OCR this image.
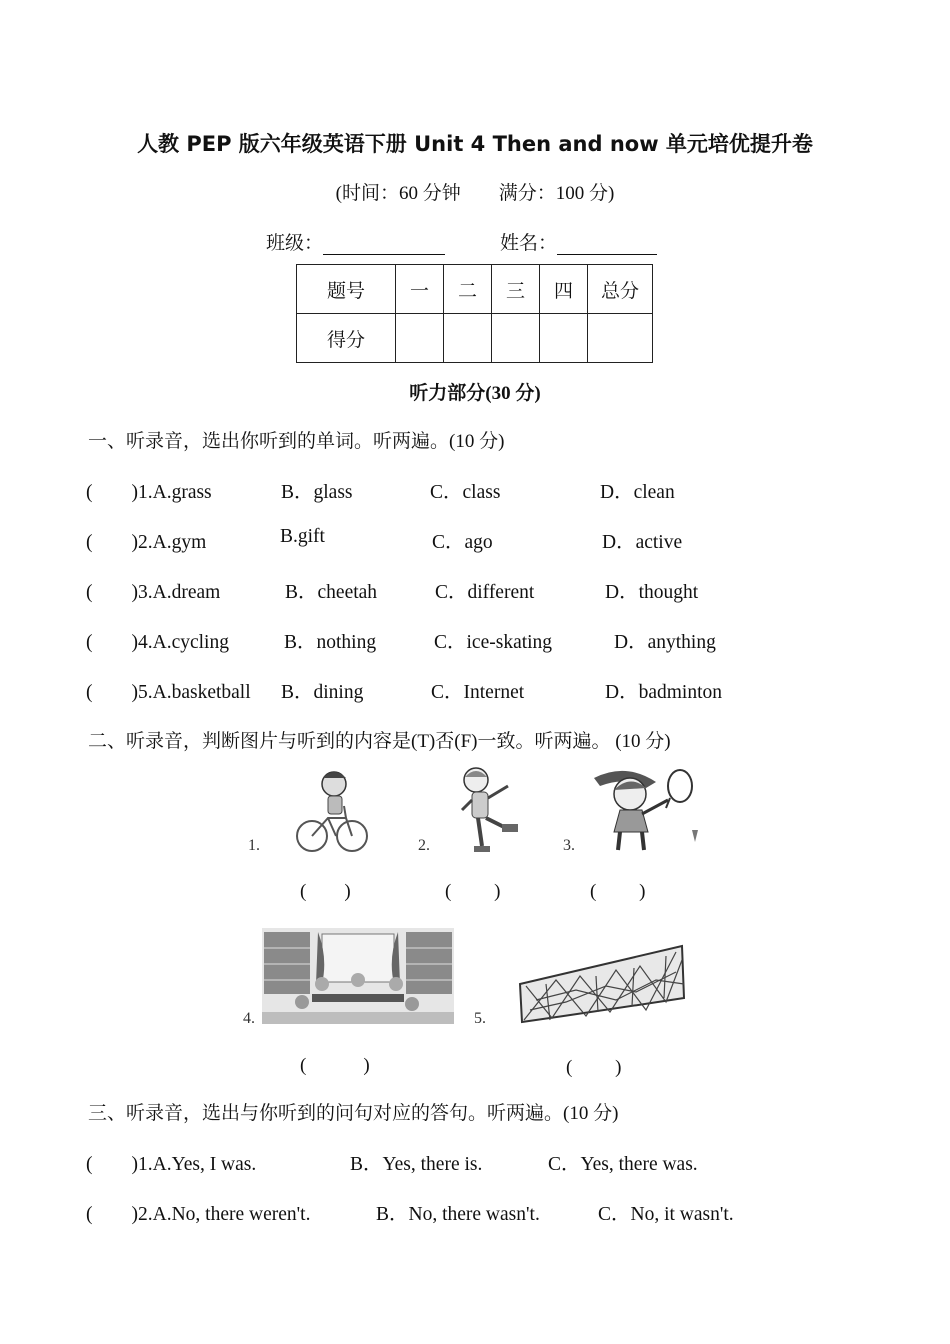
人教 PEP 版六年级英语下册 Unit 4 Then and now 单元培优提升卷
(时间：60 分钟　　满分：100 分)
班级：	姓名：
题号	一	二	三	四	总分
得分					
听力部分(30 分)
一、听录音，选出你听到的单词。听两遍。(10 分)
(　　)1.A.grass	B．glass	C．class	D．clean
(　　)2.A.gym	B.gift	C．ago	D．active
(　　)3.A.dream	B．cheetah	C．different	D．thought
(　　)4.A.cycling	B．nothing	C．ice-skating	D．anything
(　　)5.A.basketball B．dining	C．Internet	D．badminton
二、听录音，判断图片与听到的内容是(T)否(F)一致。听两遍。 (10 分)
1.	2.	3.
(　　)	(　　 )	(　　 )
4.	5.
(　　　)	(　　 )
三、听录音，选出与你听到的问句对应的答句。听两遍。(10 分)
(　　)1.A.Yes, I was.	B．Yes, there is.	C．Yes, there was.
(　　)2.A.No, there weren't.	B．No, there wasn't.	C．No, it wasn't.
